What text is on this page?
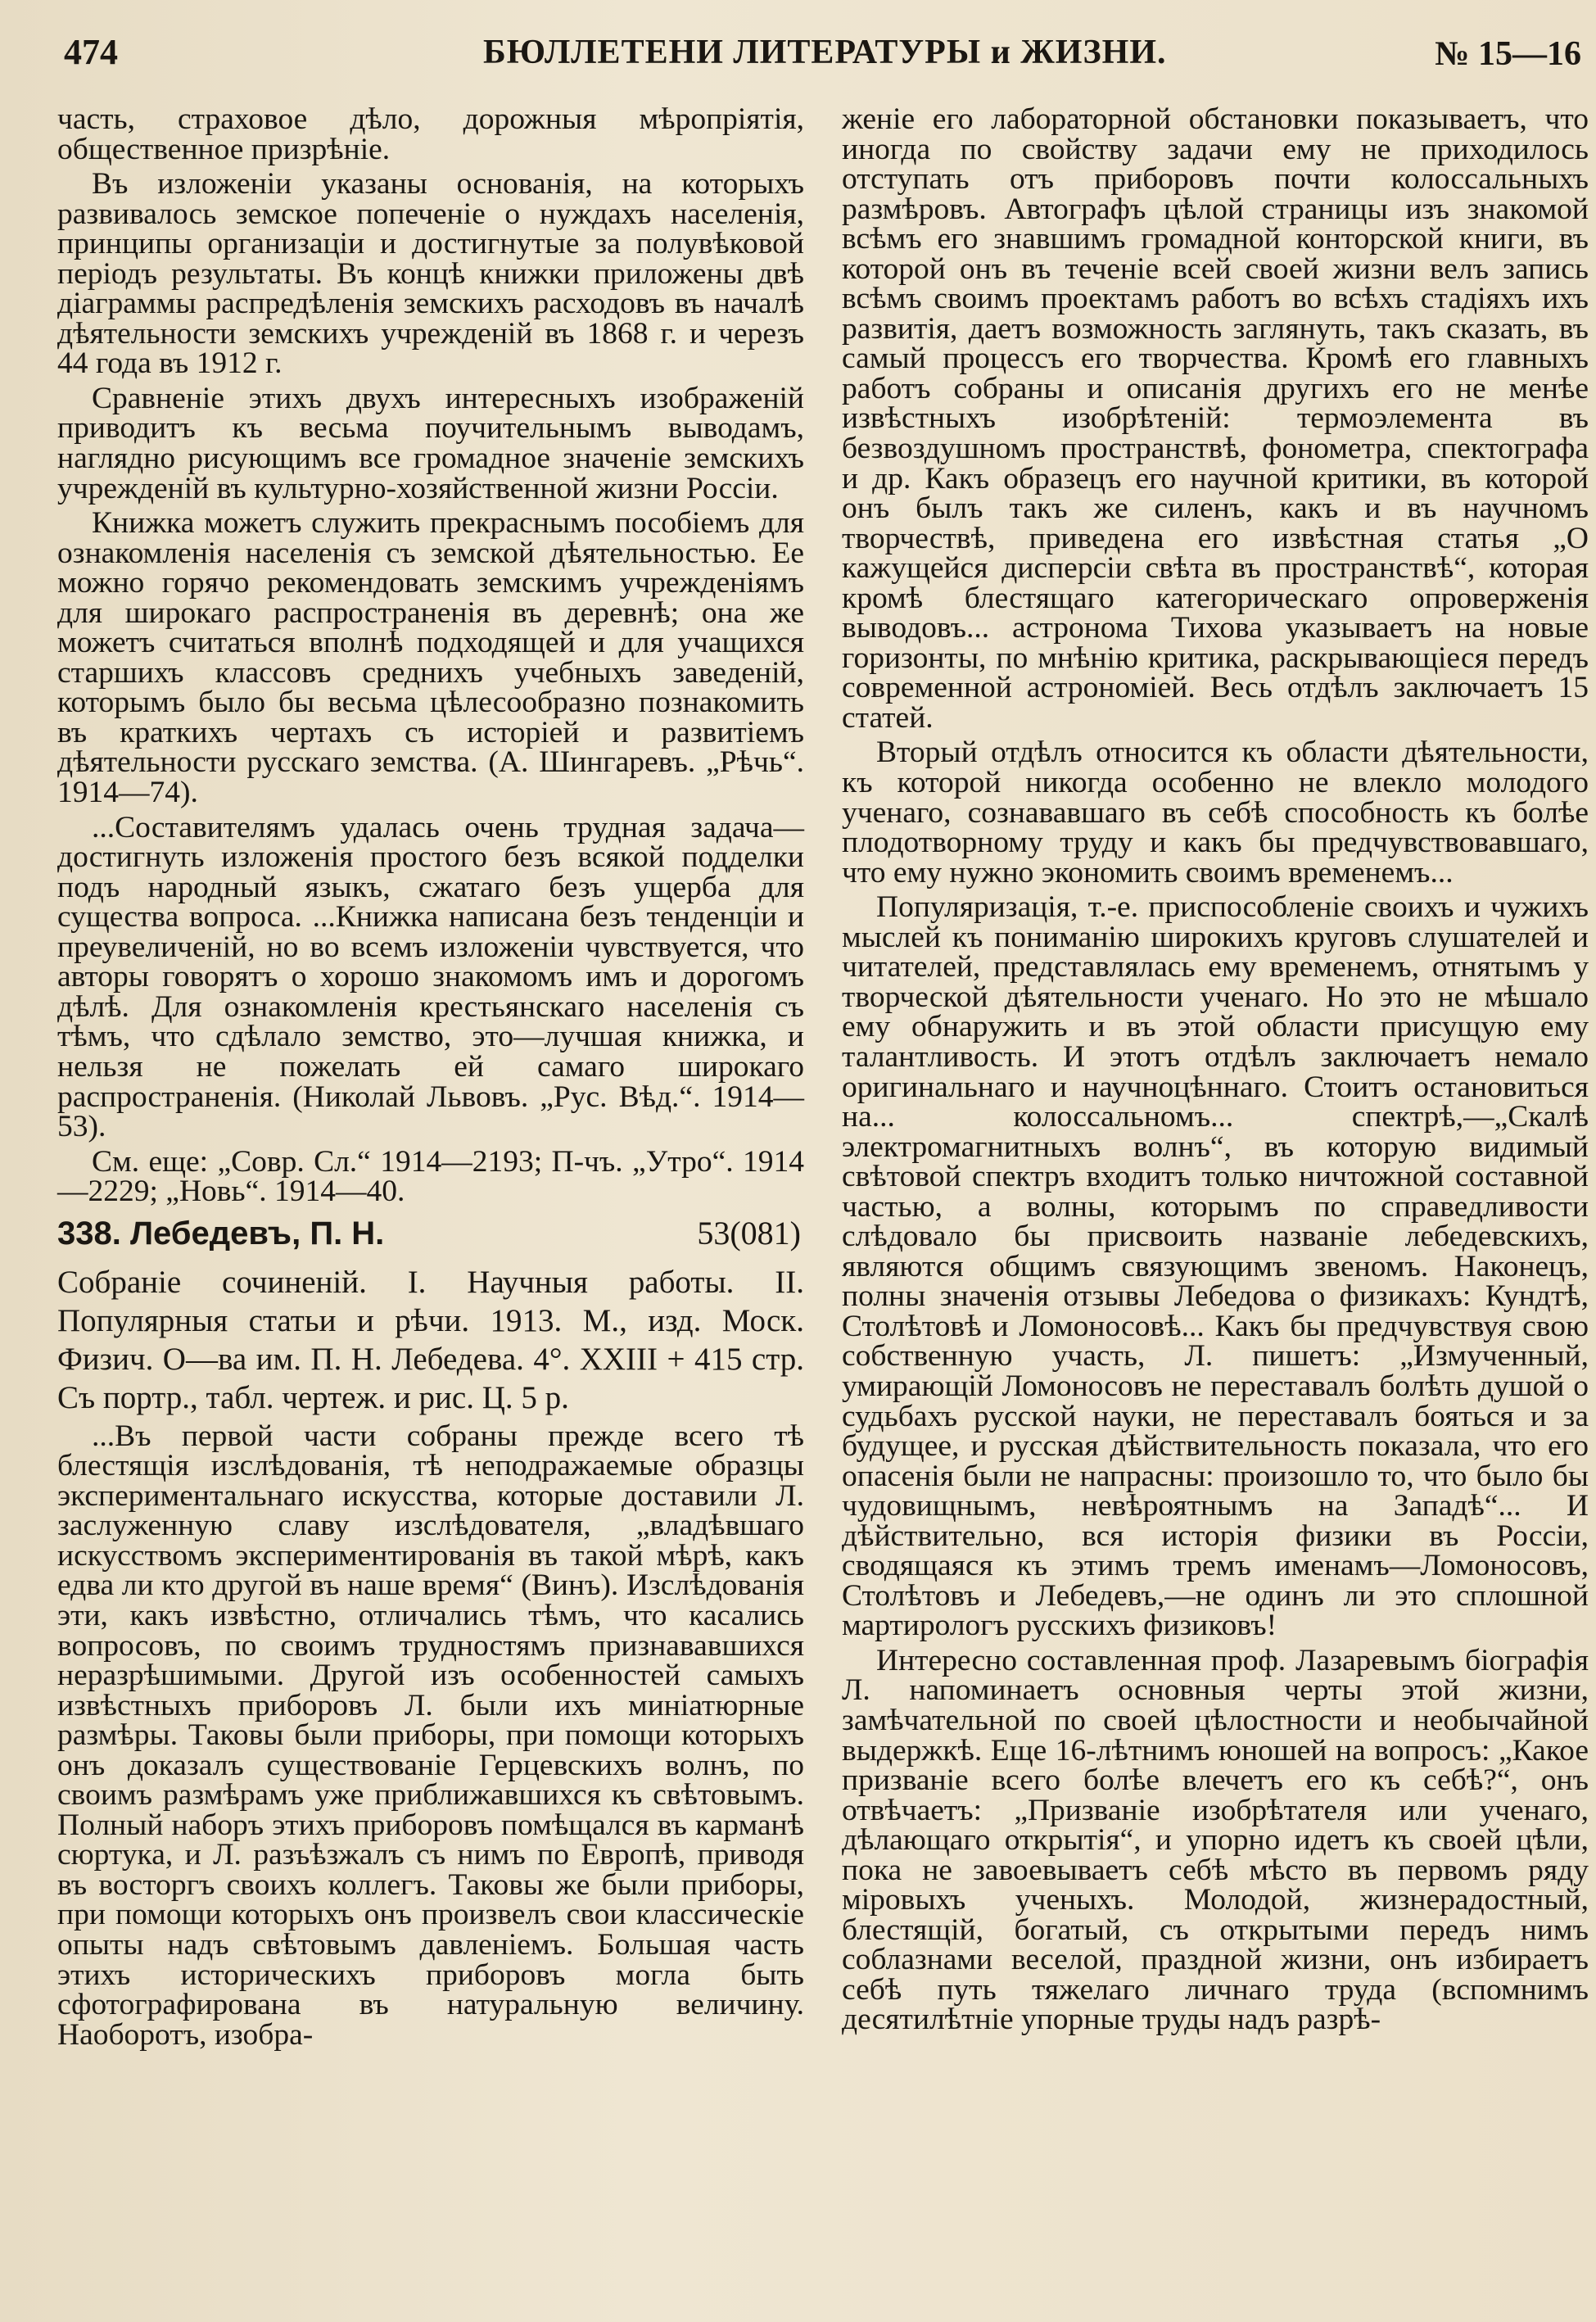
474	БЮЛЛЕТЕНИ ЛИТЕРАТУРЫ и ЖИЗНИ.	№ 15—16

часть, страховое дѣло, дорожныя мѣропріятія, общественное призрѣніе.

Въ изложеніи указаны основанія, на которыхъ развивалось земское попеченіе о нуждахъ населенія, принципы организаціи и достигнутые за полувѣковой періодъ результаты. Въ концѣ книжки приложены двѣ діаграммы распредѣленія земскихъ расходовъ въ началѣ дѣятельности земскихъ учрежденій въ 1868 г. и черезъ 44 года въ 1912 г.

Сравненіе этихъ двухъ интересныхъ изображеній приводитъ къ весьма поучительнымъ выводамъ, наглядно рисующимъ все громадное значеніе земскихъ учрежденій въ культурно-хозяйственной жизни Россіи.

Книжка можетъ служить прекраснымъ пособіемъ для ознакомленія населенія съ земской дѣятельностью. Ее можно горячо рекомендовать земскимъ учрежденіямъ для широкаго распространенія въ деревнѣ; она же можетъ считаться вполнѣ подходящей и для учащихся старшихъ классовъ среднихъ учебныхъ заведеній, которымъ было бы весьма цѣлесообразно познакомить въ краткихъ чертахъ съ исторіей и развитіемъ дѣятельности русскаго земства. (А. Шингаревъ. „Рѣчь“. 1914—74).

...Составителямъ удалась очень трудная задача—достигнуть изложенія простого безъ всякой подделки подъ народный языкъ, сжатаго безъ ущерба для существа вопроса. ...Книжка написана безъ тенденціи и преувеличеній, но во всемъ изложеніи чувствуется, что авторы говорятъ о хорошо знакомомъ имъ и дорогомъ дѣлѣ. Для ознакомленія крестьянскаго населенія съ тѣмъ, что сдѣлало земство, это—лучшая книжка, и нельзя не пожелать ей самаго широкаго распространенія. (Николай Львовъ. „Рус. Вѣд.“. 1914—53).

См. еще: „Совр. Сл.“ 1914—2193; П-чъ. „Утро“. 1914—2229; „Новь“. 1914—40.

338. Лебедевъ, П. Н.	53(081)

Собраніе сочиненій. I. Научныя работы. II. Популярныя статьи и рѣчи. 1913. М., изд. Моск. Физич. О—ва им. П. Н. Лебедева. 4°. XXIII + 415 стр. Съ портр., табл. чертеж. и рис. Ц. 5 р.

...Въ первой части собраны прежде всего тѣ блестящія изслѣдованія, тѣ неподражаемые образцы экспериментальнаго искусства, которые доставили Л. заслуженную славу изслѣдователя, „владѣвшаго искусствомъ экспериментированія въ такой мѣрѣ, какъ едва ли кто другой въ наше время“ (Винъ). Изслѣдованія эти, какъ извѣстно, отличались тѣмъ, что касались вопросовъ, по своимъ трудностямъ признававшихся неразрѣшимыми. Другой изъ особенностей самыхъ извѣстныхъ приборовъ Л. были ихъ миніатюрные размѣры. Таковы были приборы, при помощи которыхъ онъ доказалъ существованіе Герцевскихъ волнъ, по своимъ размѣрамъ уже приближавшихся къ свѣтовымъ. Полный наборъ этихъ приборовъ помѣщался въ карманѣ сюртука, и Л. разъѣзжалъ съ нимъ по Европѣ, приводя въ восторгъ своихъ коллегъ. Таковы же были приборы, при помощи которыхъ онъ произвелъ свои классическіе опыты надъ свѣтовымъ давленіемъ. Большая часть этихъ историческихъ приборовъ могла быть сфотографирована въ натуральную величину. Наоборотъ, изобра-

женіе его лабораторной обстановки показываетъ, что иногда по свойству задачи ему не приходилось отступать отъ приборовъ почти колоссальныхъ размѣровъ. Автографъ цѣлой страницы изъ знакомой всѣмъ его знавшимъ громадной конторской книги, въ которой онъ въ теченіе всей своей жизни велъ запись всѣмъ своимъ проектамъ работъ во всѣхъ стадіяхъ ихъ развитія, даетъ возможность заглянуть, такъ сказать, въ самый процессъ его творчества. Кромѣ его главныхъ работъ собраны и описанія другихъ его не менѣе извѣстныхъ изобрѣтеній: термоэлемента въ безвоздушномъ пространствѣ, фонометра, спектографа и др. Какъ образецъ его научной критики, въ которой онъ былъ такъ же силенъ, какъ и въ научномъ творчествѣ, приведена его извѣстная статья „О кажущейся дисперсіи свѣта въ пространствѣ“, которая кромѣ блестящаго категорическаго опроверженія выводовъ... астронома Тихова указываетъ на новые горизонты, по мнѣнію критика, раскрывающіеся передъ современной астрономіей. Весь отдѣлъ заключаетъ 15 статей.

Вторый отдѣлъ относится къ области дѣятельности, къ которой никогда особенно не влекло молодого ученаго, сознававшаго въ себѣ способность къ болѣе плодотворному труду и какъ бы предчувствовавшаго, что ему нужно экономить своимъ временемъ...

Популяризація, т.-е. приспособленіе своихъ и чужихъ мыслей къ пониманію широкихъ круговъ слушателей и читателей, представлялась ему временемъ, отнятымъ у творческой дѣятельности ученаго. Но это не мѣшало ему обнаружить и въ этой области присущую ему талантливость. И этотъ отдѣлъ заключаетъ немало оригинальнаго и научноцѣннаго. Стоитъ остановиться на... колоссальномъ... спектрѣ,—„Скалѣ электромагнитныхъ волнъ“, въ которую видимый свѣтовой спектръ входитъ только ничтожной составной частью, а волны, которымъ по справедливости слѣдовало бы присвоить названіе лебедевскихъ, являются общимъ связующимъ звеномъ. Наконецъ, полны значенія отзывы Лебедова о физикахъ: Кундтѣ, Столѣтовѣ и Ломоносовѣ... Какъ бы предчувствуя свою собственную участь, Л. пишетъ: „Измученный, умирающій Ломоносовъ не переставалъ болѣть душой о судьбахъ русской науки, не переставалъ бояться и за будущее, и русская дѣйствительность показала, что его опасенія были не напрасны: произошло то, что было бы чудовищнымъ, невѣроятнымъ на Западѣ“... И дѣйствительно, вся исторія физики въ Россіи, сводящаяся къ этимъ тремъ именамъ—Ломоносовъ, Столѣтовъ и Лебедевъ,—не одинъ ли это сплошной мартирологъ русскихъ физиковъ!

Интересно составленная проф. Лазаревымъ біографія Л. напоминаетъ основныя черты этой жизни, замѣчательной по своей цѣлостности и необычайной выдержкѣ. Еще 16-лѣтнимъ юношей на вопросъ: „Какое призваніе всего болѣе влечетъ его къ себѣ?“, онъ отвѣчаетъ: „Призваніе изобрѣтателя или ученаго, дѣлающаго открытія“, и упорно идетъ къ своей цѣли, пока не завоевываетъ себѣ мѣсто въ первомъ ряду міровыхъ ученыхъ. Молодой, жизнерадостный, блестящій, богатый, съ открытыми передъ нимъ соблазнами веселой, праздной жизни, онъ избираетъ себѣ путь тяжелаго личнаго труда (вспомнимъ десятилѣтніе упорные труды надъ разрѣ-
